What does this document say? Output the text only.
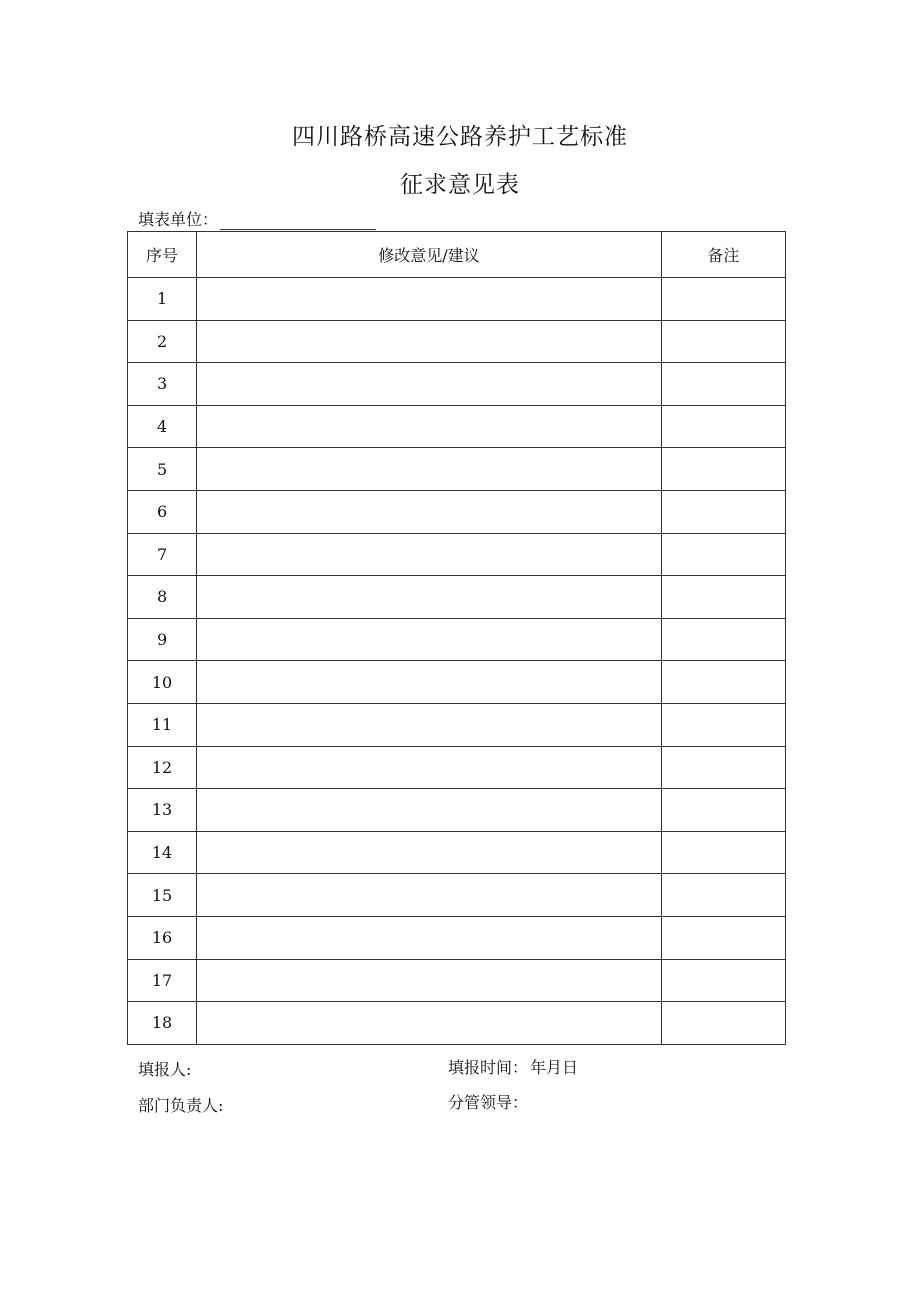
四川路桥高速公路养护工艺标准
征求意见表
填表单位：
序号	修改意见/建议	备注
1		
2		
3		
4		
5		
6		
7		
8		
9		
10		
11		
12		
13		
14		
15		
16		
17		
18		
填报人:	填报时间： 年月日
部门负责人:	分管领导：
